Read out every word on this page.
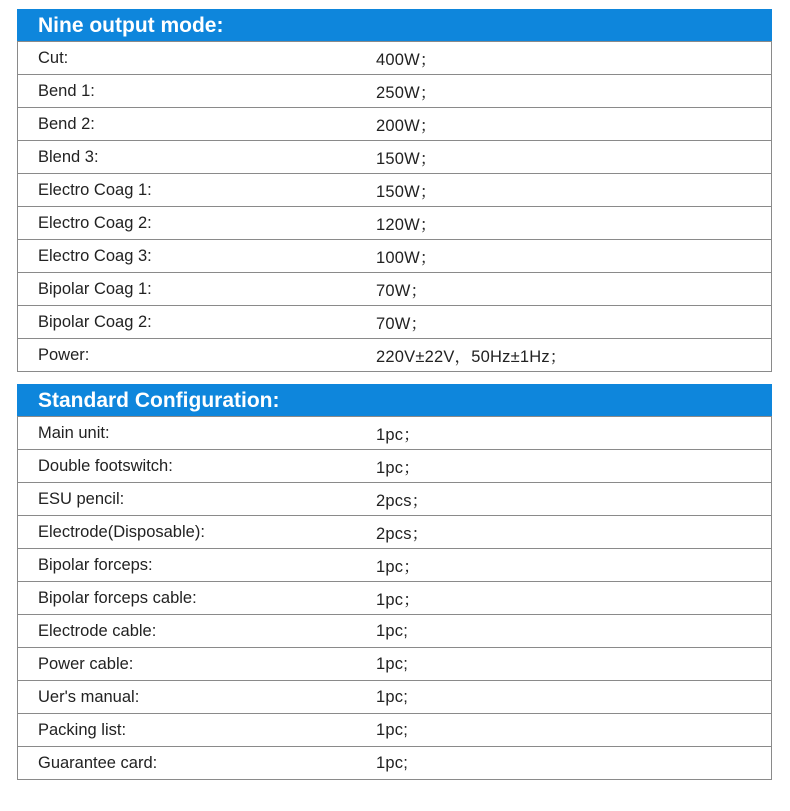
Nine output mode:
Cut:	400W；
Bend 1:	250W；
Bend 2:	200W；
Blend 3:	150W；
Electro Coag 1:	150W；
Electro Coag 2:	120W；
Electro Coag 3:	100W；
Bipolar Coag 1:	70W；
Bipolar Coag 2:	70W；
Power:	220V±22V，50Hz±1Hz；
Standard Configuration:
Main unit:	1pc；
Double footswitch:	1pc；
ESU pencil:	2pcs；
Electrode(Disposable):	2pcs；
Bipolar forceps:	1pc；
Bipolar forceps cable:	1pc；
Electrode cable:	1pc;
Power cable:	1pc;
Uer's manual:	1pc;
Packing list:	1pc;
Guarantee card:	1pc;
